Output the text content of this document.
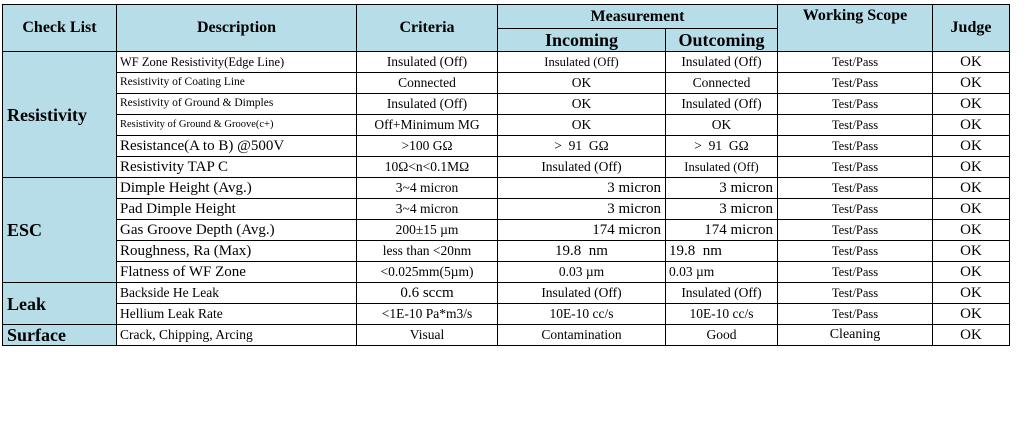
Check List	Description	Criteria	Measurement		Working Scope	Judge
			Incoming	Outcoming		
Resistivity	WF Zone Resistivity(Edge Line)	Insulated (Off)	Insulated (Off)	Insulated (Off)	Test/Pass	OK
	Resistivity of Coating Line	Connected	OK	Connected	Test/Pass	OK
	Resistivity of Ground & Dimples	Insulated (Off)	OK	Insulated (Off)	Test/Pass	OK
	Resistivity of Ground & Groove(c+)	Off+Minimum MG	OK	OK	Test/Pass	OK
	Resistance(A to B) @500V	>100 GΩ	>  91  GΩ	>  91  GΩ	Test/Pass	OK
	Resistivity TAP C	10Ω<n<0.1MΩ	Insulated (Off)	Insulated (Off)	Test/Pass	OK
ESC	Dimple Height (Avg.)	3~4 micron	3 micron	3 micron	Test/Pass	OK
	Pad Dimple Height	3~4 micron	3 micron	3 micron	Test/Pass	OK
	Gas Groove Depth (Avg.)	200±15 µm	174 micron	174 micron	Test/Pass	OK
	Roughness, Ra (Max)	less than <20nm	19.8  nm	19.8  nm	Test/Pass	OK
	Flatness of WF Zone	<0.025mm(5µm)	0.03 µm	0.03 µm	Test/Pass	OK
Leak	Backside He Leak	0.6 sccm	Insulated (Off)	Insulated (Off)	Test/Pass	OK
	Hellium Leak Rate	<1E-10 Pa*m3/s	10E-10 cc/s	10E-10 cc/s	Test/Pass	OK
Surface	Crack, Chipping, Arcing	Visual	Contamination	Good	Cleaning	OK
